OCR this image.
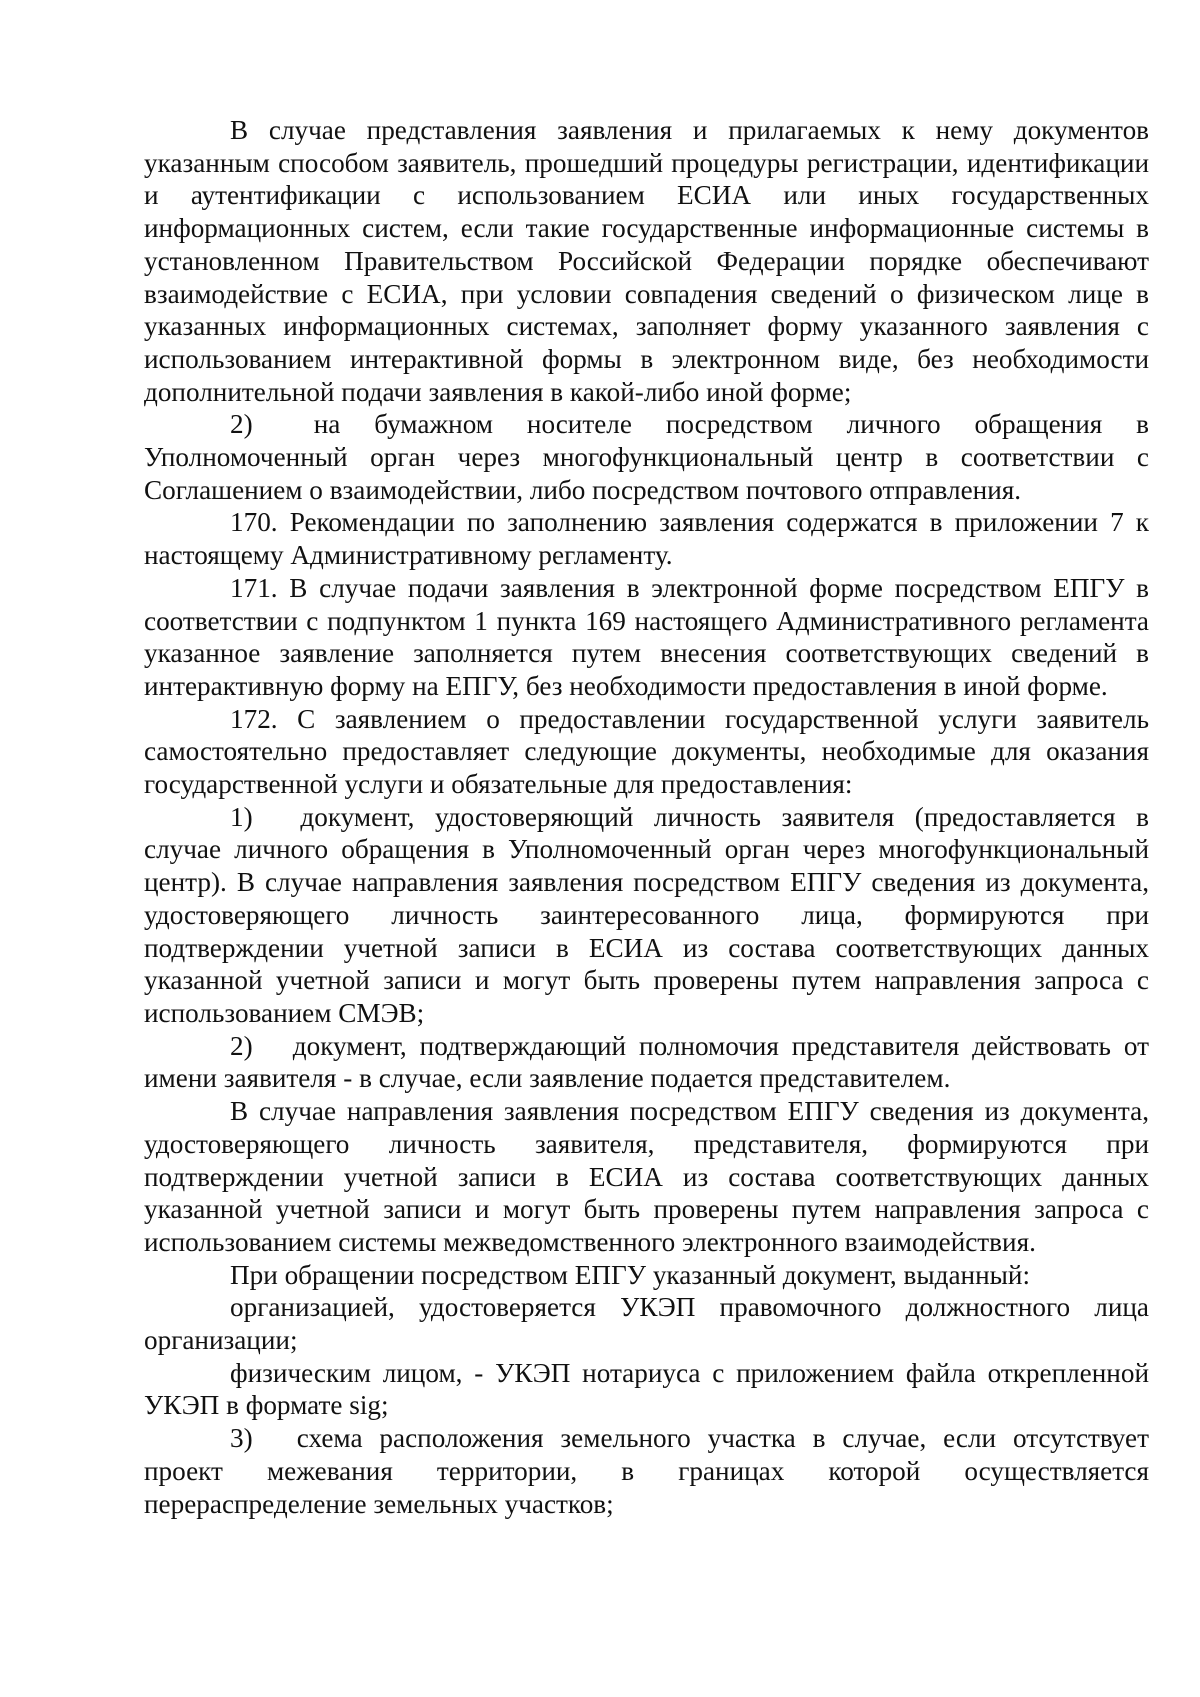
В случае представления заявления и прилагаемых к нему документов указанным способом заявитель, прошедший процедуры регистрации, идентификации и аутентификации с использованием ЕСИА или иных государственных информационных систем, если такие государственные информационные системы в установленном Правительством Российской Федерации порядке обеспечивают взаимодействие с ЕСИА, при условии совпадения сведений о физическом лице в указанных информационных системах, заполняет форму указанного заявления с использованием интерактивной формы в электронном виде, без необходимости дополнительной подачи заявления в какой-либо иной форме;

2)  на бумажном носителе посредством личного обращения в Уполномоченный орган через многофункциональный центр в соответствии с Соглашением о взаимодействии, либо посредством почтового отправления.

170. Рекомендации по заполнению заявления содержатся в приложении 7 к настоящему Административному регламенту.

171. В случае подачи заявления в электронной форме посредством ЕПГУ в соответствии с подпунктом 1 пункта 169 настоящего Административного регламента указанное заявление заполняется путем внесения соответствующих сведений в интерактивную форму на ЕПГУ, без необходимости предоставления в иной форме.

172. С заявлением о предоставлении государственной услуги заявитель самостоятельно предоставляет следующие документы, необходимые для оказания государственной услуги и обязательные для предоставления:

1)  документ, удостоверяющий личность заявителя (предоставляется в случае личного обращения в Уполномоченный орган через многофункциональный центр). В случае направления заявления посредством ЕПГУ сведения из документа, удостоверяющего личность заинтересованного лица, формируются при подтверждении учетной записи в ЕСИА из состава соответствующих данных указанной учетной записи и могут быть проверены путем направления запроса с использованием СМЭВ;

2)  документ, подтверждающий полномочия представителя действовать от имени заявителя - в случае, если заявление подается представителем.

В случае направления заявления посредством ЕПГУ сведения из документа, удостоверяющего личность заявителя, представителя, формируются при подтверждении учетной записи в ЕСИА из состава соответствующих данных указанной учетной записи и могут быть проверены путем направления запроса с использованием системы межведомственного электронного взаимодействия.

При обращении посредством ЕПГУ указанный документ, выданный:

организацией, удостоверяется УКЭП правомочного должностного лица организации;

физическим лицом, - УКЭП нотариуса с приложением файла открепленной УКЭП в формате sig;

3)  схема расположения земельного участка в случае, если отсутствует проект межевания территории, в границах которой осуществляется перераспределение земельных участков;
